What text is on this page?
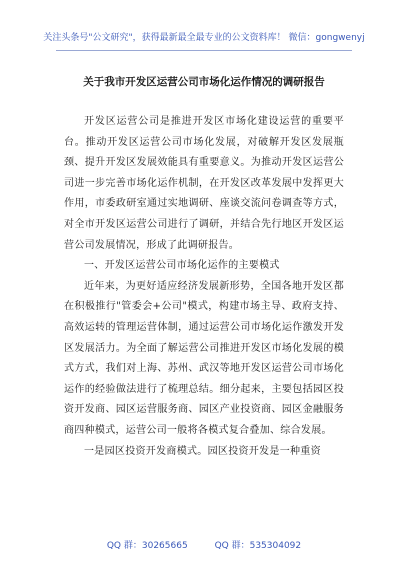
关注头条号"公文研究"，获得最新最全最专业的公文资料库！ 微信：gongwenyj
关于我市开发区运营公司市场化运作情况的调研报告

开发区运营公司是推进开发区市场化建设运营的重要平台。推动开发区运营公司市场化发展，对破解开发区发展瓶颈、提升开发区发展效能具有重要意义。为推动开发区运营公司进一步完善市场化运作机制，在开发区改革发展中发挥更大作用，市委政研室通过实地调研、座谈交流问卷调查等方式，对全市开发区运营公司进行了调研，并结合先行地区开发区运营公司发展情况，形成了此调研报告。

一、开发区运营公司市场化运作的主要模式

近年来，为更好适应经济发展新形势，全国各地开发区都在积极推行"管委会+公司"模式，构建市场主导、政府支持、高效运转的管理运营体制，通过运营公司市场化运作激发开发区发展活力。为全面了解运营公司推进开发区市场化发展的模式方式，我们对上海、苏州、武汉等地开发区运营公司市场化运作的经验做法进行了梳理总结。细分起来，主要包括园区投资开发商、园区运营服务商、园区产业投资商、园区金融服务商四种模式，运营公司一般将各模式复合叠加、综合发展。

一是园区投资开发商模式。园区投资开发是一种重资

QQ 群：30265665	QQ 群：535304092
